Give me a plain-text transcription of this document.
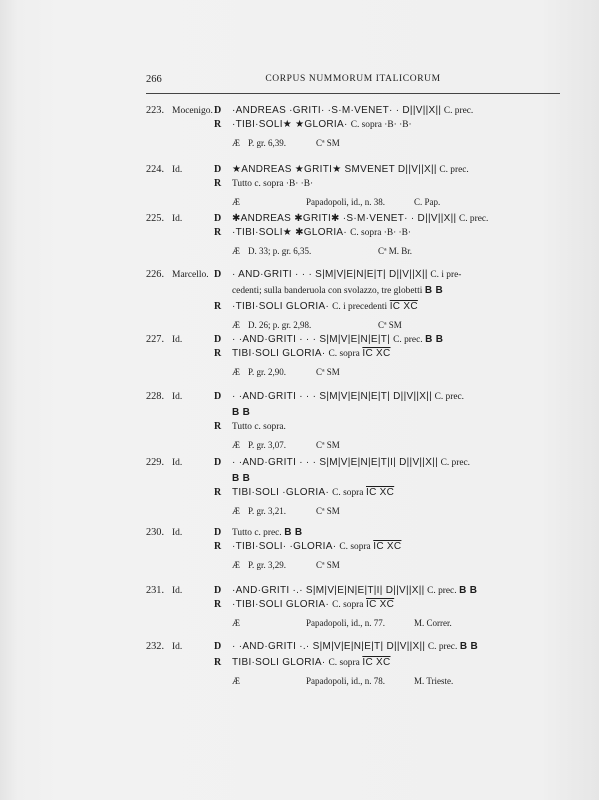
266	CORPUS NUMMORUM ITALICORUM
223. Mocenigo. D ·ANDREAS ·GRITI· ·S·M·VENET· · D||V||X|| C. prec.
R ·TIBI·SOLI★ ★GLORIA· C. sopra ·B· ·B·
Æ P. gr. 6,39.	Cª SM
224. Id.	D ★ANDREAS ★GRITI★ SMVENET D||V||X|| C. prec.
R Tutto c. sopra ·B· ·B·
Æ	Papadopoli, id., n. 38.	C. Pap.
225. Id.	D ✱ANDREAS ✱GRITI✱ ·S·M·VENET· · D||V||X|| C. prec.
R ·TIBI·SOLI★ ✱GLORIA· C. sopra ·B· ·B·
Æ D. 33; p. gr. 6,35.	Cª M. Br.
226. Marcello. D · AND·GRITI · · · S|M|V|E|N|E|T| D||V||X|| C. i pre-
cedenti; sulla banderuola con svolazzo, tre globetti B B
R ·TIBI·SOLI GLORIA· C. i precedenti IC XC
Æ D. 26; p. gr. 2,98.	Cª SM
227. Id.	D · ·AND·GRITI · · · S|M|V|E|N|E|T| C. prec. B B
R TIBI·SOLI GLORIA· C. sopra IC XC
Æ P. gr. 2,90.	Cª SM
228. Id.	D · ·AND·GRITI · · · S|M|V|E|N|E|T| D||V||X|| C. prec.
B B
R Tutto c. sopra.
Æ P. gr. 3,07.	Cª SM
229. Id.	D · ·AND·GRITI · · · S|M|V|E|N|E|T|I| D||V||X|| C. prec.
B B
R TIBI·SOLI ·GLORIA· C. sopra IC XC
Æ P. gr. 3,21.	Cª SM
230. Id.	D Tutto c. prec. B B
R ·TIBI·SOLI· ·GLORIA· C. sopra IC XC
Æ P. gr. 3,29.	Cª SM
231. Id.	D ·AND·GRITI ·.· S|M|V|E|N|E|T|I| D||V||X|| C. prec. B B
R ·TIBI·SOLI GLORIA· C. sopra IC XC
Æ	Papadopoli, id., n. 77.	M. Correr.
232. Id.	D · ·AND·GRITI ·.· S|M|V|E|N|E|T| D||V||X|| C. prec. B B
R TIBI·SOLI GLORIA· C. sopra IC XC
Æ	Papadopoli, id., n. 78.	M. Trieste.
